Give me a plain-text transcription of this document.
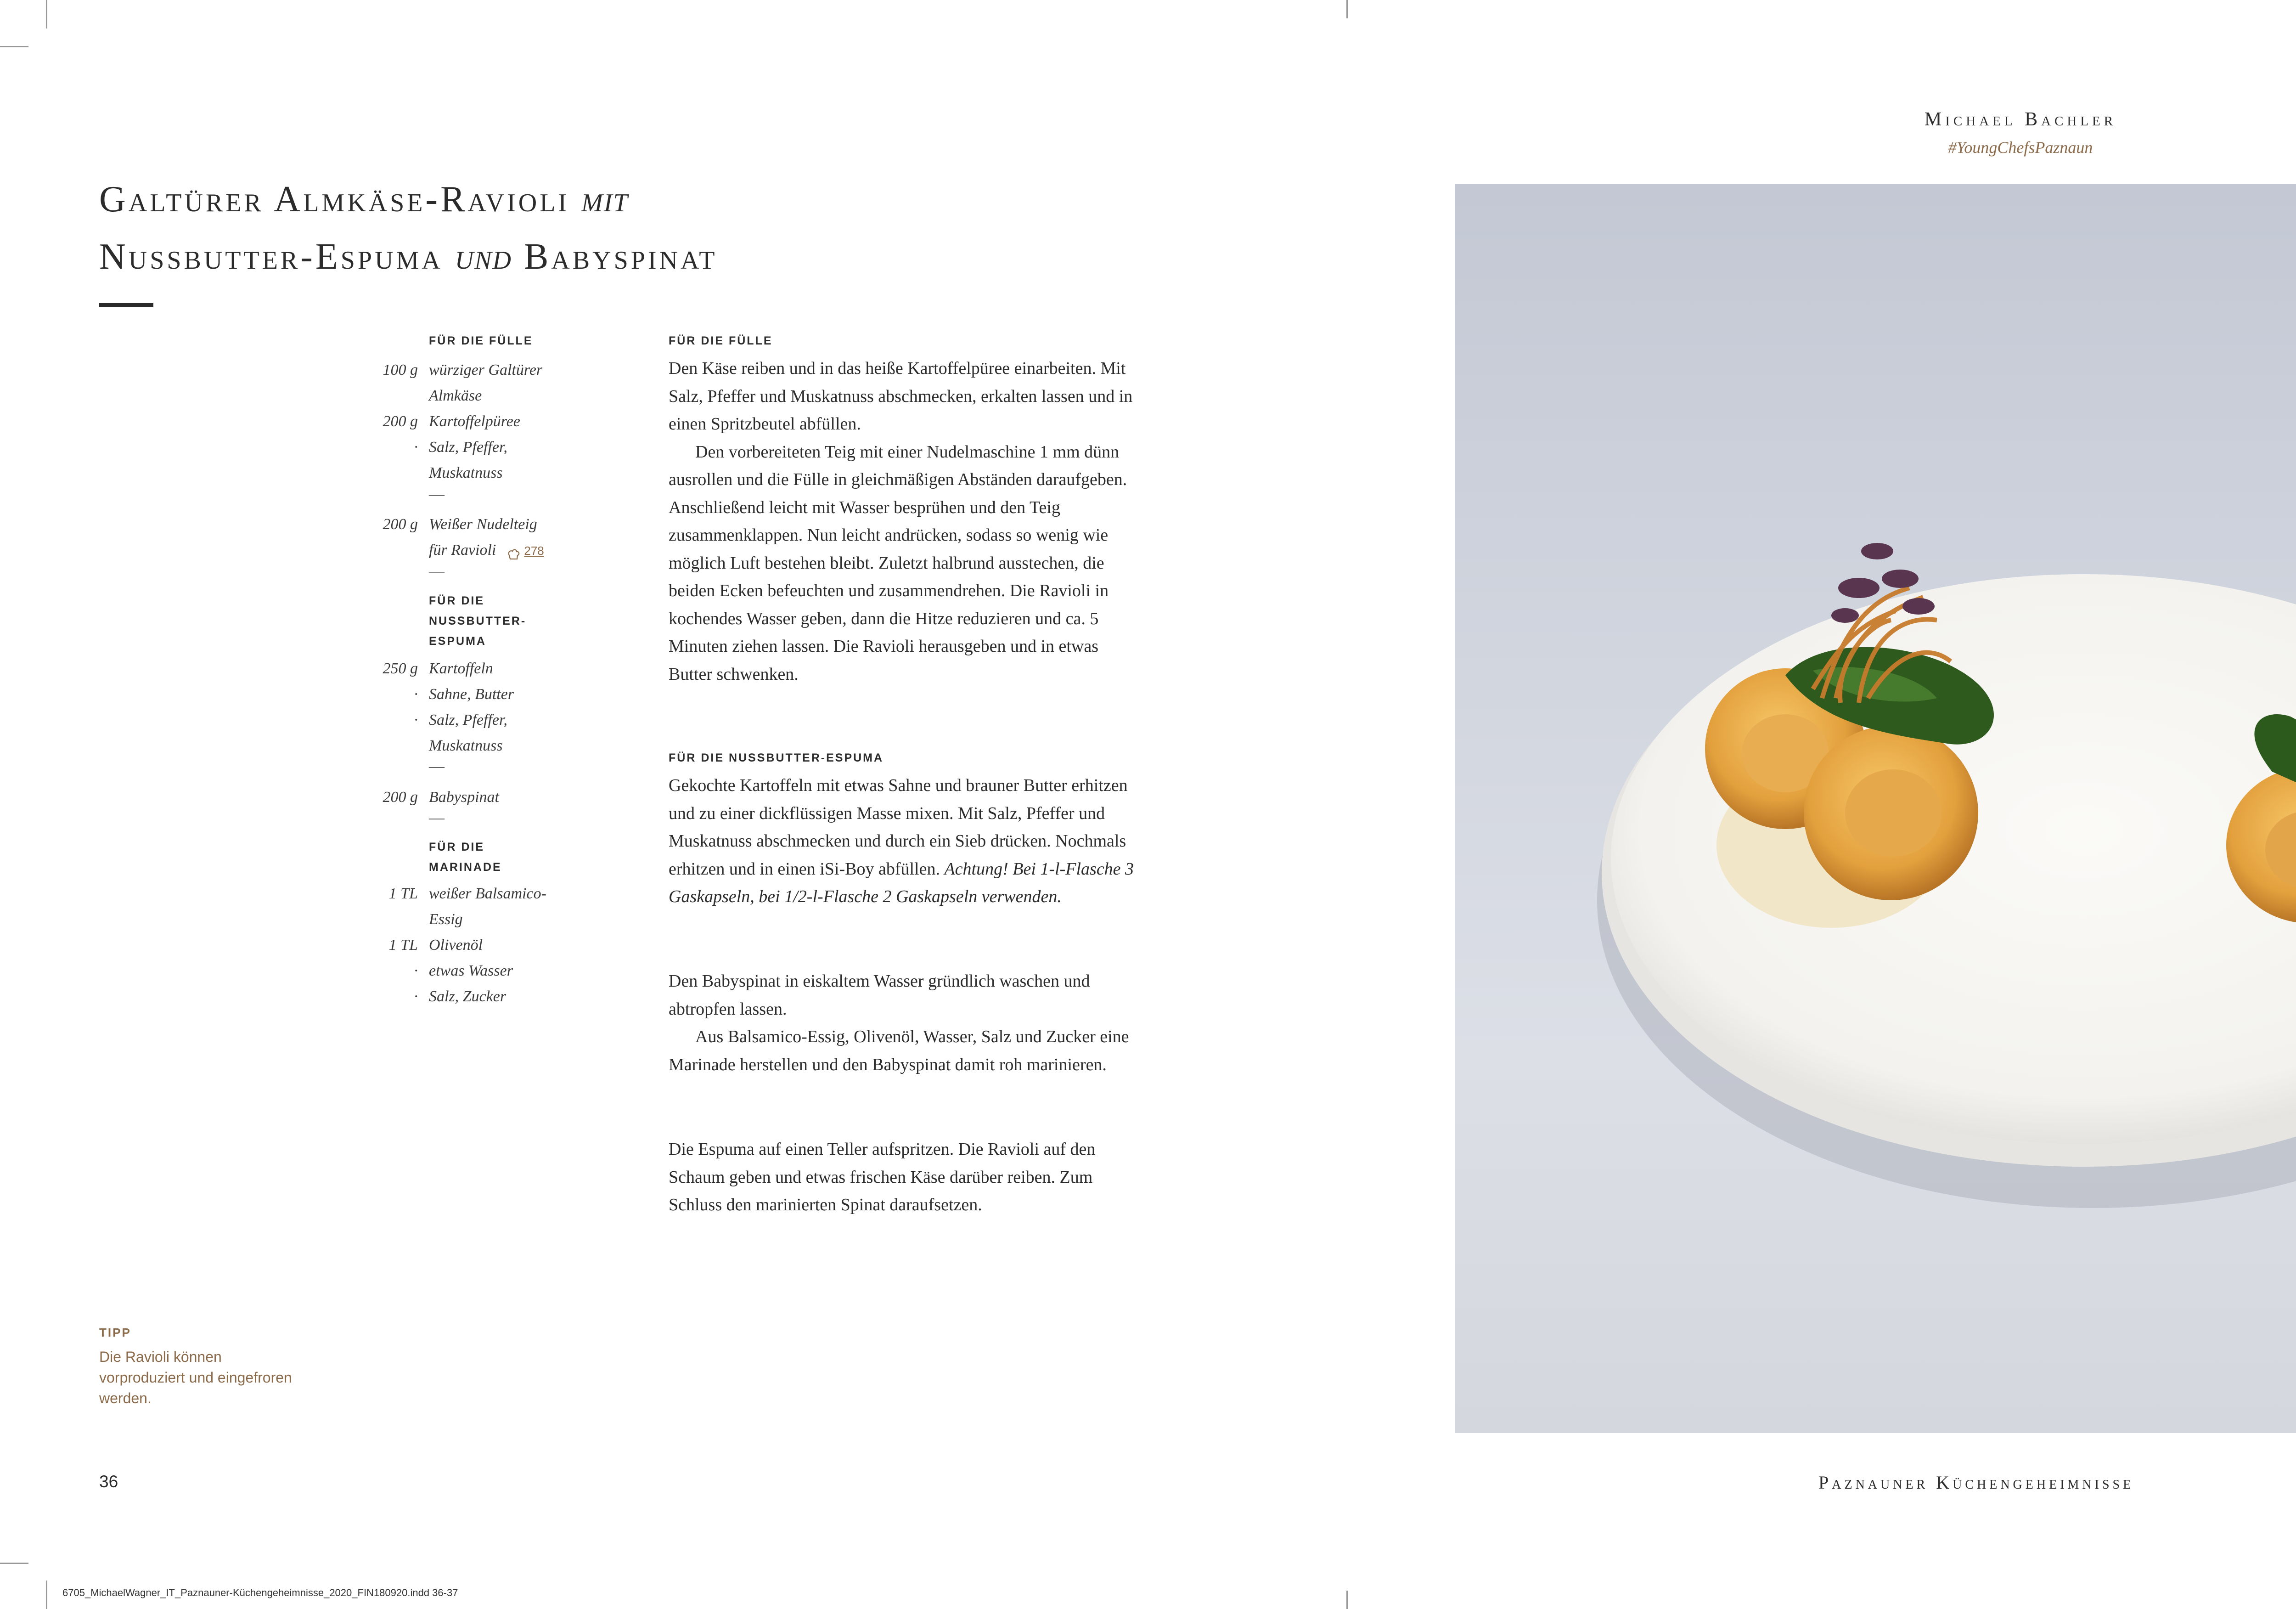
Galtürer Almkäse-Ravioli mit
Nussbutter-Espuma und Babyspinat
FÜR DIE FÜLLE
100 g würziger Galtürer
Almkäse
200 g Kartoffelpüree
· Salz, Pfeffer,
Muskatnuss
—
200 g Weißer Nudelteig
für Ravioli 278
—
FÜR DIE
NUSSBUTTER-
ESPUMA
250 g Kartoffeln
· Sahne, Butter
· Salz, Pfeffer,
Muskatnuss
—
200 g Babyspinat
—
FÜR DIE
MARINADE
1 TL weißer Balsamico-
Essig
1 TL Olivenöl
· etwas Wasser
· Salz, Zucker
FÜR DIE FÜLLE

Den Käse reiben und in das heiße Kartoffelpüree einarbeiten. Mit Salz, Pfeffer und Muskatnuss abschmecken, erkalten lassen und in einen Spritzbeutel abfüllen.

Den vorbereiteten Teig mit einer Nudelmaschine 1 mm dünn ausrollen und die Fülle in gleichmäßigen Abständen daraufgeben. Anschließend leicht mit Wasser besprühen und den Teig zusammenklappen. Nun leicht andrücken, sodass so wenig wie möglich Luft bestehen bleibt. Zuletzt halbrund ausstechen, die beiden Ecken befeuchten und zusammendrehen. Die Ravioli in kochendes Wasser geben, dann die Hitze reduzieren und ca. 5 Minuten ziehen lassen. Die Ravioli herausgeben und in etwas Butter schwenken.

FÜR DIE NUSSBUTTER-ESPUMA

Gekochte Kartoffeln mit etwas Sahne und brauner Butter erhitzen und zu einer dickflüssigen Masse mixen. Mit Salz, Pfeffer und Muskatnuss abschmecken und durch ein Sieb drücken. Nochmals erhitzen und in einen iSi-Boy abfüllen. Achtung! Bei 1-l-Flasche 3 Gaskapseln, bei 1/2-l-Flasche 2 Gaskapseln verwenden.

Den Babyspinat in eiskaltem Wasser gründlich waschen und abtropfen lassen.

Aus Balsamico-Essig, Olivenöl, Wasser, Salz und Zucker eine Marinade herstellen und den Babyspinat damit roh marinieren.

Die Espuma auf einen Teller aufspritzen. Die Ravioli auf den Schaum geben und etwas frischen Käse darüber reiben. Zum Schluss den marinierten Spinat daraufsetzen.

TIPP
Die Ravioli können vorproduziert und eingefroren werden.
36
Michael Bachler
#YoungChefsPaznaun
Paznauner Küchengeheimnisse
6705_MichaelWagner_IT_Paznauner-Küchengeheimnisse_2020_FIN180920.indd 36-37
